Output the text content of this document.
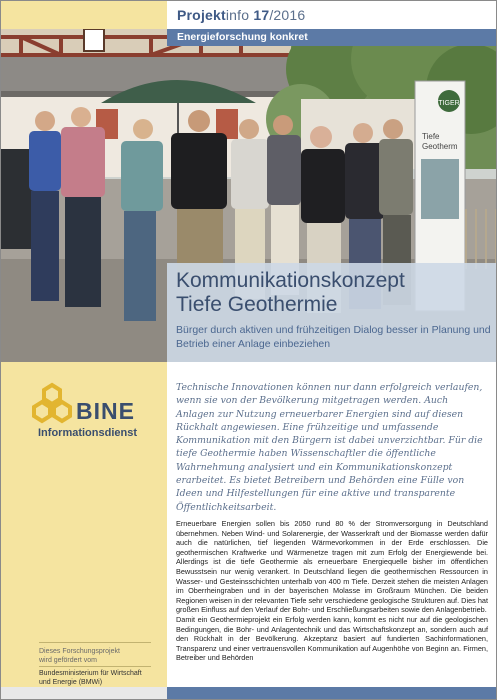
TIGER
Tiefe
Geotherm
Projektinfo 17/2016
Energieforschung konkret
Kommunikationskonzept
Tiefe Geothermie
Bürger durch aktiven und frühzeitigen Dialog besser in Planung und Betrieb einer Anlage einbeziehen
BINE
Informationsdienst
Dieses Forschungsprojekt
wird gefördert vom
Bundesministerium für Wirtschaft
und Energie (BMWi)
Technische Innovationen können nur dann erfolgreich verlaufen, wenn sie von der Bevölkerung mitgetragen werden. Auch Anlagen zur Nutzung erneuerbarer Energien sind auf diesen Rückhalt angewiesen. Eine frühzeitige und umfassende Kommunikation mit den Bürgern ist dabei unverzichtbar. Für die tiefe Geothermie haben Wissenschaftler die öffentliche Wahrnehmung analysiert und ein Kommunikationskonzept erarbeitet. Es bietet Betreibern und Behörden eine Fülle von Ideen und Hilfestellungen für eine aktive und transparente Öffentlichkeitsarbeit.
Erneuerbare Energien sollen bis 2050 rund 80 % der Stromversorgung in Deutschland übernehmen. Neben Wind- und Solarenergie, der Wasserkraft und der Biomasse werden dafür auch die natürlichen, tief liegenden Wärmevorkommen in der Erde erschlossen. Die geothermischen Kraftwerke und Wärmenetze tragen mit zum Erfolg der Energiewende bei. Allerdings ist die tiefe Geothermie als erneuerbare Energiequelle bisher im öffentlichen Bewusstsein nur wenig verankert. In Deutschland liegen die geothermischen Ressourcen in Wasser- und Gesteinsschichten unterhalb von 400 m Tiefe. Derzeit stehen die meisten Anlagen im Oberrheingraben und in der bayerischen Molasse im Großraum München. Die beiden Regionen weisen in der relevanten Tiefe sehr verschiedene geologische Strukturen auf. Dies hat großen Einfluss auf den Verlauf der Bohr- und Erschließungsarbeiten sowie den Anlagenbetrieb.
Damit ein Geothermieprojekt ein Erfolg werden kann, kommt es nicht nur auf die geologischen Bedingungen, die Bohr- und Anlagentechnik und das Wirtschaftskonzept an, sondern auch auf den Rückhalt in der Bevölkerung. Akzeptanz basiert auf fundierten Sachinformationen, Transparenz und einer vertrauensvollen Kommunikation auf Augenhöhe von Beginn an. Firmen, Betreiber und Behörden
